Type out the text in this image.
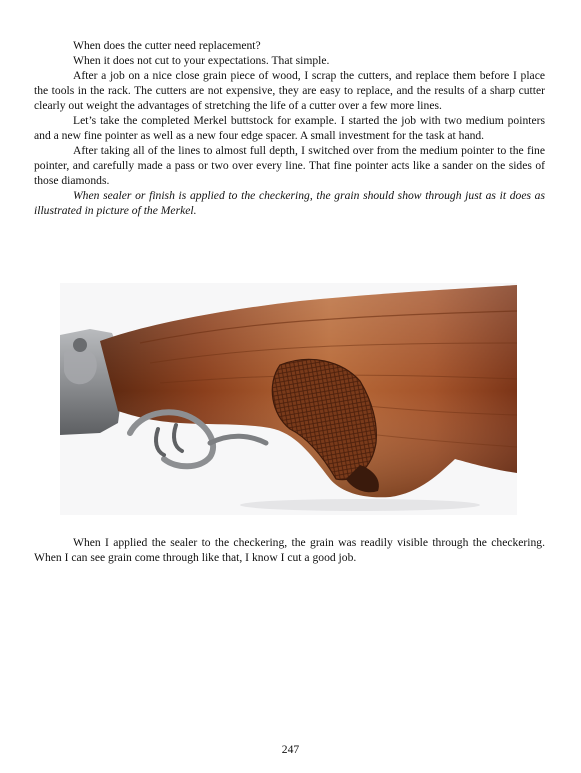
When does the cutter need replacement?

When it does not cut to your expectations. That simple.

After a job on a nice close grain piece of wood, I scrap the cutters, and replace them before I place the tools in the rack. The cutters are not expensive, they are easy to replace, and the results of a sharp cutter clearly out weight the advantages of stretching the life of a cutter over a few more lines.

Let’s take the completed Merkel buttstock for example. I started the job with two medium pointers and a new fine pointer as well as a new four edge spacer. A small investment for the task at hand.

After taking all of the lines to almost full depth, I switched over from the medium pointer to the fine pointer, and carefully made a pass or two over every line. That fine pointer acts like a sander on the sides of those diamonds.

When sealer or finish is applied to the checkering, the grain should show through just as it does as illustrated in picture of the Merkel.

When I applied the sealer to the checkering, the grain was readily visible through the checkering. When I can see grain come through like that, I know I cut a good job.

247
